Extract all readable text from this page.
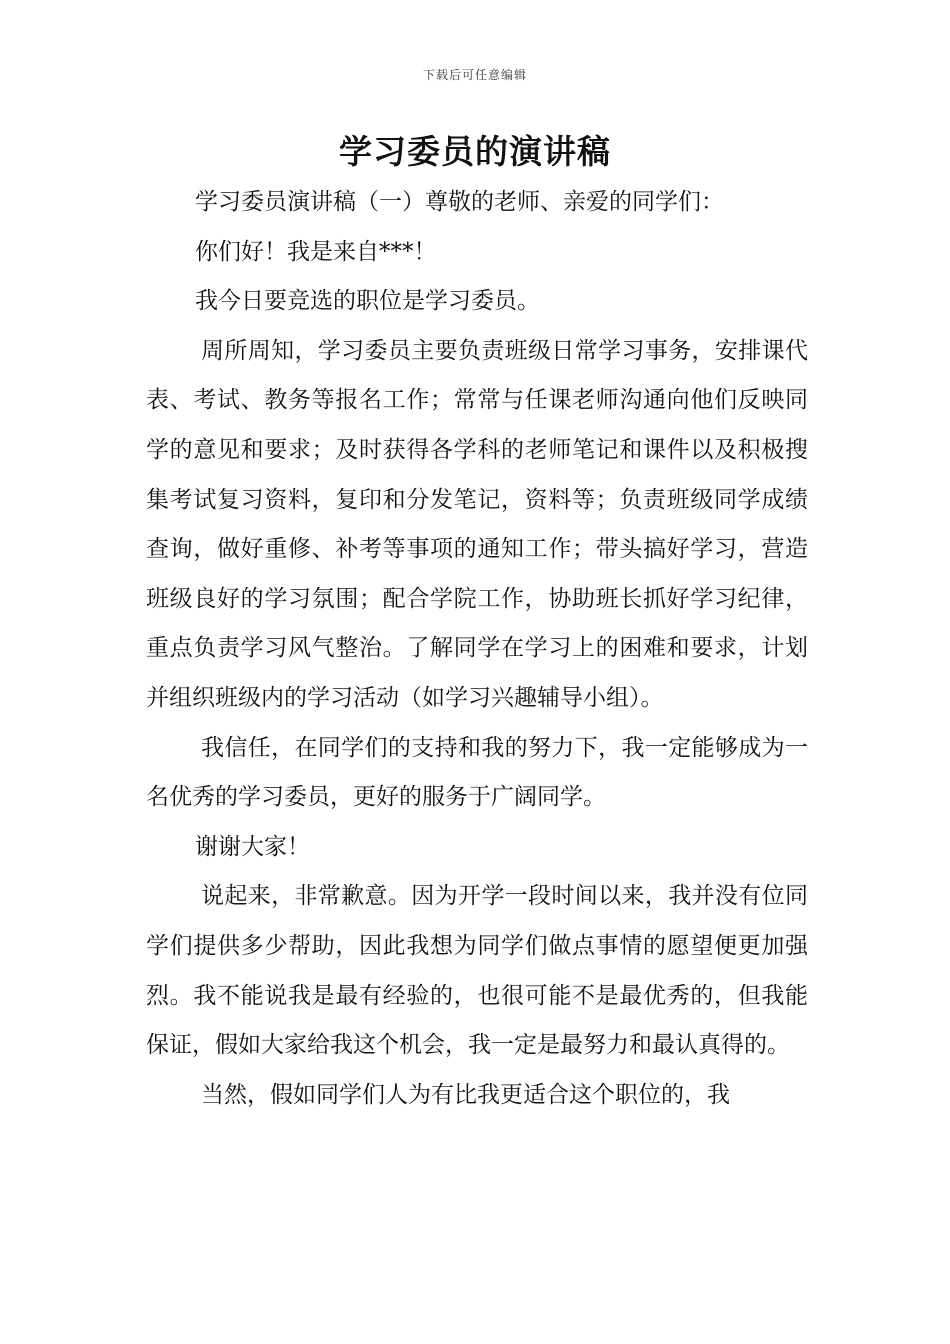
下载后可任意编辑
学习委员的演讲稿

学习委员演讲稿（一）尊敬的老师、亲爱的同学们：

你们好！我是来自***！

我今日要竞选的职位是学习委员。

周所周知，学习委员主要负责班级日常学习事务，安排课代表、考试、教务等报名工作；常常与任课老师沟通向他们反映同学的意见和要求；及时获得各学科的老师笔记和课件以及积极搜集考试复习资料，复印和分发笔记，资料等；负责班级同学成绩查询，做好重修、补考等事项的通知工作；带头搞好学习，营造班级良好的学习氛围；配合学院工作，协助班长抓好学习纪律，重点负责学习风气整治。了解同学在学习上的困难和要求，计划并组织班级内的学习活动（如学习兴趣辅导小组）。

我信任，在同学们的支持和我的努力下，我一定能够成为一名优秀的学习委员，更好的服务于广阔同学。

谢谢大家！

说起来，非常歉意。因为开学一段时间以来，我并没有位同学们提供多少帮助，因此我想为同学们做点事情的愿望便更加强烈。我不能说我是最有经验的，也很可能不是最优秀的，但我能保证，假如大家给我这个机会，我一定是最努力和最认真得的。

当然，假如同学们人为有比我更适合这个职位的，我
